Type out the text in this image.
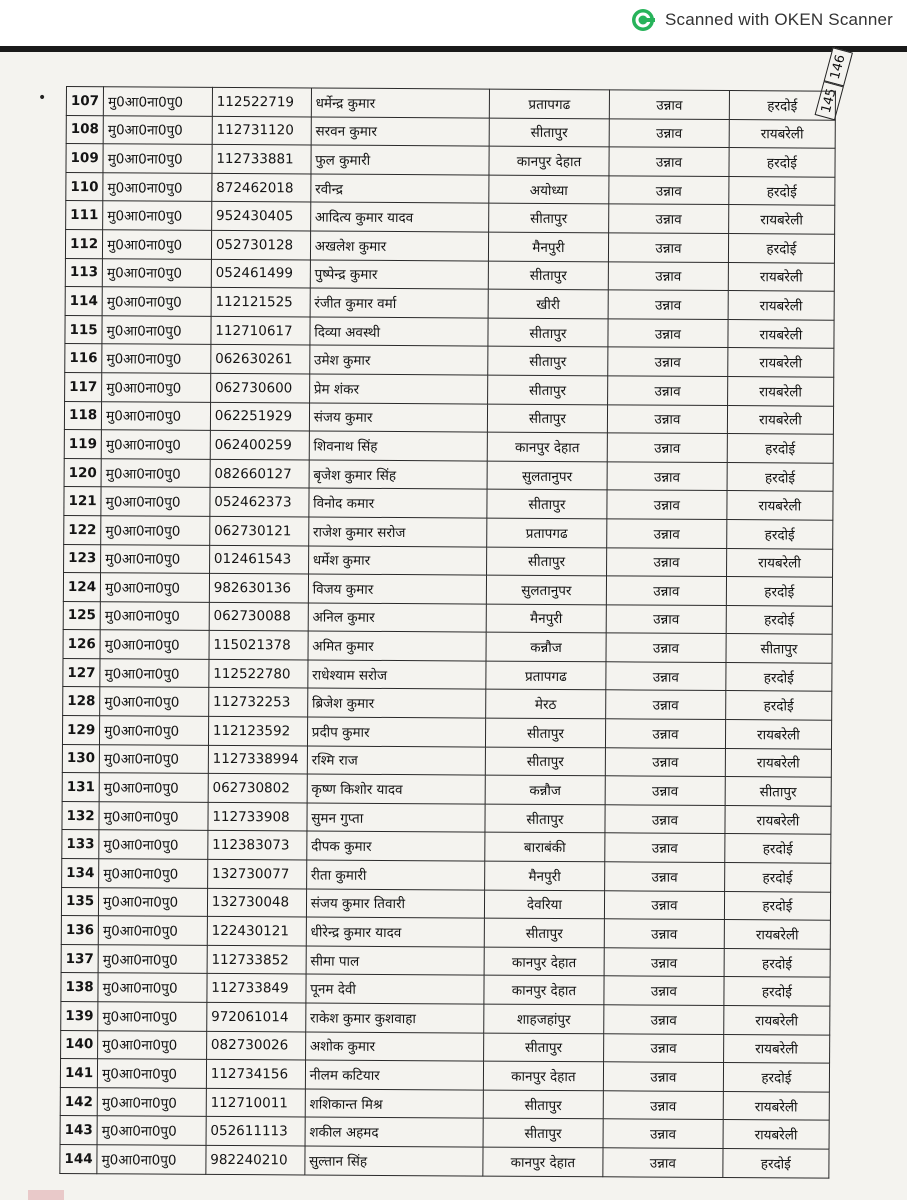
Scanned with OKEN Scanner
•	145146
107	मु0आ0ना0पु0	112522719	धर्मेन्द्र कुमार	प्रतापगढ	उन्नाव	हरदोई
108	मु0आ0ना0पु0	112731120	सरवन कुमार	सीतापुर	उन्नाव	रायबरेली
109	मु0आ0ना0पु0	112733881	फुल कुमारी	कानपुर देहात	उन्नाव	हरदोई
110	मु0आ0ना0पु0	872462018	रवीन्द्र	अयोध्या	उन्नाव	हरदोई
111	मु0आ0ना0पु0	952430405	आदित्य कुमार यादव	सीतापुर	उन्नाव	रायबरेली
112	मु0आ0ना0पु0	052730128	अखलेश कुमार	मैनपुरी	उन्नाव	हरदोई
113	मु0आ0ना0पु0	052461499	पुष्पेन्द्र कुमार	सीतापुर	उन्नाव	रायबरेली
114	मु0आ0ना0पु0	112121525	रंजीत कुमार वर्मा	खीरी	उन्नाव	रायबरेली
115	मु0आ0ना0पु0	112710617	दिव्या अवस्थी	सीतापुर	उन्नाव	रायबरेली
116	मु0आ0ना0पु0	062630261	उमेश कुमार	सीतापुर	उन्नाव	रायबरेली
117	मु0आ0ना0पु0	062730600	प्रेम शंकर	सीतापुर	उन्नाव	रायबरेली
118	मु0आ0ना0पु0	062251929	संजय कुमार	सीतापुर	उन्नाव	रायबरेली
119	मु0आ0ना0पु0	062400259	शिवनाथ सिंह	कानपुर देहात	उन्नाव	हरदोई
120	मु0आ0ना0पु0	082660127	बृजेश कुमार सिंह	सुलतानुपर	उन्नाव	हरदोई
121	मु0आ0ना0पु0	052462373	विनोद कमार	सीतापुर	उन्नाव	रायबरेली
122	मु0आ0ना0पु0	062730121	राजेश कुमार सरोज	प्रतापगढ	उन्नाव	हरदोई
123	मु0आ0ना0पु0	012461543	धर्मेश कुमार	सीतापुर	उन्नाव	रायबरेली
124	मु0आ0ना0पु0	982630136	विजय कुमार	सुलतानुपर	उन्नाव	हरदोई
125	मु0आ0ना0पु0	062730088	अनिल कुमार	मैनपुरी	उन्नाव	हरदोई
126	मु0आ0ना0पु0	115021378	अमित कुमार	कन्नौज	उन्नाव	सीतापुर
127	मु0आ0ना0पु0	112522780	राधेश्याम सरोज	प्रतापगढ	उन्नाव	हरदोई
128	मु0आ0ना0पु0	112732253	ब्रिजेश कुमार	मेरठ	उन्नाव	हरदोई
129	मु0आ0ना0पु0	112123592	प्रदीप कुमार	सीतापुर	उन्नाव	रायबरेली
130	मु0आ0ना0पु0	1127338994	रश्मि राज	सीतापुर	उन्नाव	रायबरेली
131	मु0आ0ना0पु0	062730802	कृष्ण किशोर यादव	कन्नौज	उन्नाव	सीतापुर
132	मु0आ0ना0पु0	112733908	सुमन गुप्ता	सीतापुर	उन्नाव	रायबरेली
133	मु0आ0ना0पु0	112383073	दीपक कुमार	बाराबंकी	उन्नाव	हरदोई
134	मु0आ0ना0पु0	132730077	रीता कुमारी	मैनपुरी	उन्नाव	हरदोई
135	मु0आ0ना0पु0	132730048	संजय कुमार तिवारी	देवरिया	उन्नाव	हरदोई
136	मु0आ0ना0पु0	122430121	धीरेन्द्र कुमार यादव	सीतापुर	उन्नाव	रायबरेली
137	मु0आ0ना0पु0	112733852	सीमा पाल	कानपुर देहात	उन्नाव	हरदोई
138	मु0आ0ना0पु0	112733849	पूनम देवी	कानपुर देहात	उन्नाव	हरदोई
139	मु0आ0ना0पु0	972061014	राकेश कुमार कुशवाहा	शाहजहांपुर	उन्नाव	रायबरेली
140	मु0आ0ना0पु0	082730026	अशोक कुमार	सीतापुर	उन्नाव	रायबरेली
141	मु0आ0ना0पु0	112734156	नीलम कटियार	कानपुर देहात	उन्नाव	हरदोई
142	मु0आ0ना0पु0	112710011	शशिकान्त मिश्र	सीतापुर	उन्नाव	रायबरेली
143	मु0आ0ना0पु0	052611113	शकील अहमद	सीतापुर	उन्नाव	रायबरेली
144	मु0आ0ना0पु0	982240210	सुल्तान सिंह	कानपुर देहात	उन्नाव	हरदोई
